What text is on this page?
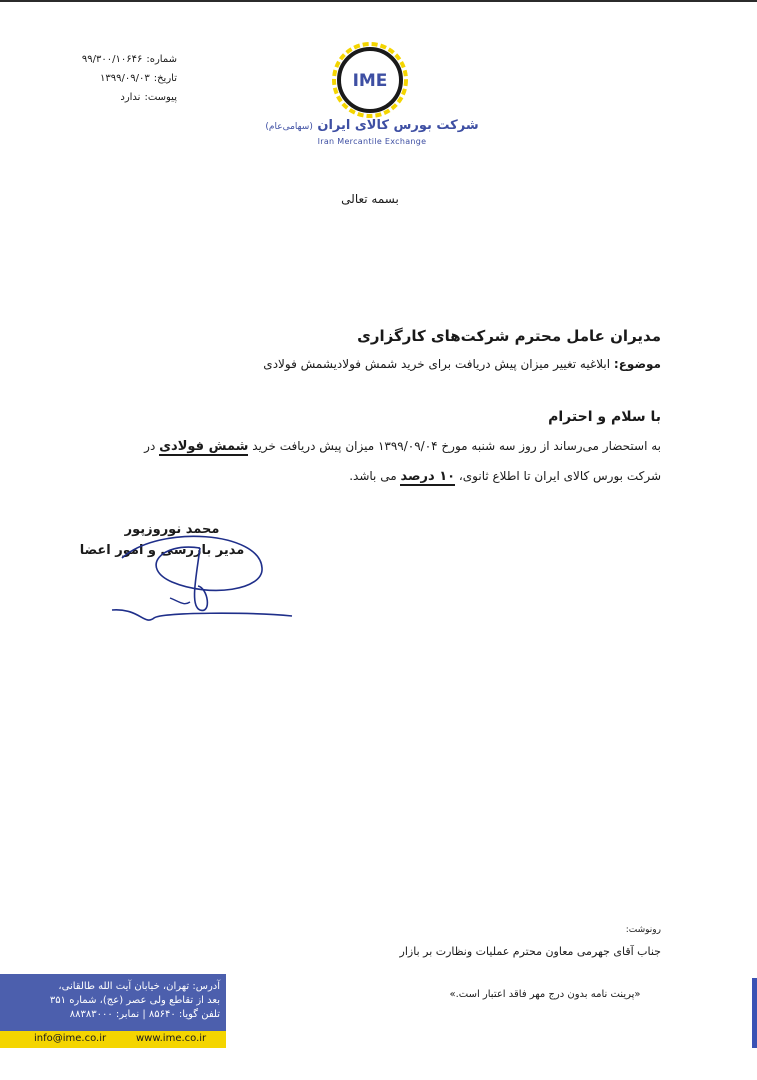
شماره:۹۹/۳۰۰/۱۰۶۴۶
تاریخ:۱۳۹۹/۰۹/۰۳
پیوست:ندارد
IME
شرکت بورس کالای ایران (سهامی‌عام)
Iran Mercantile Exchange
بسمه تعالی
مدیران عامل محترم شرکت‌های کارگزاری
موضوع: ابلاغیه تغییر میزان پیش دریافت برای خرید شمش فولادیشمش فولادی
با سلام و احترام
به استحضار می‌رساند از روز سه شنبه مورخ ۱۳۹۹/۰۹/۰۴ میزان پیش دریافت خرید شمش فولادی در
شرکت بورس کالای ایران تا اطلاع ثانوی، ۱۰ درصد می باشد.
محمد نوروزپور
مدیر بازرسی و امور اعضا
رونوشت:
جناب آقای جهرمی معاون محترم عملیات ونظارت بر بازار
«پرینت نامه بدون درج مهر فاقد اعتبار است.»
آدرس: تهران، خیابان آیت الله طالقانی،
بعد از تقاطع ولی عصر (عج)، شماره ۳۵۱
تلفن گویا: ۸۵۶۴۰ | نمابر: ۸۸۳۸۳۰۰۰
info@ime.co.ir	www.ime.co.ir
